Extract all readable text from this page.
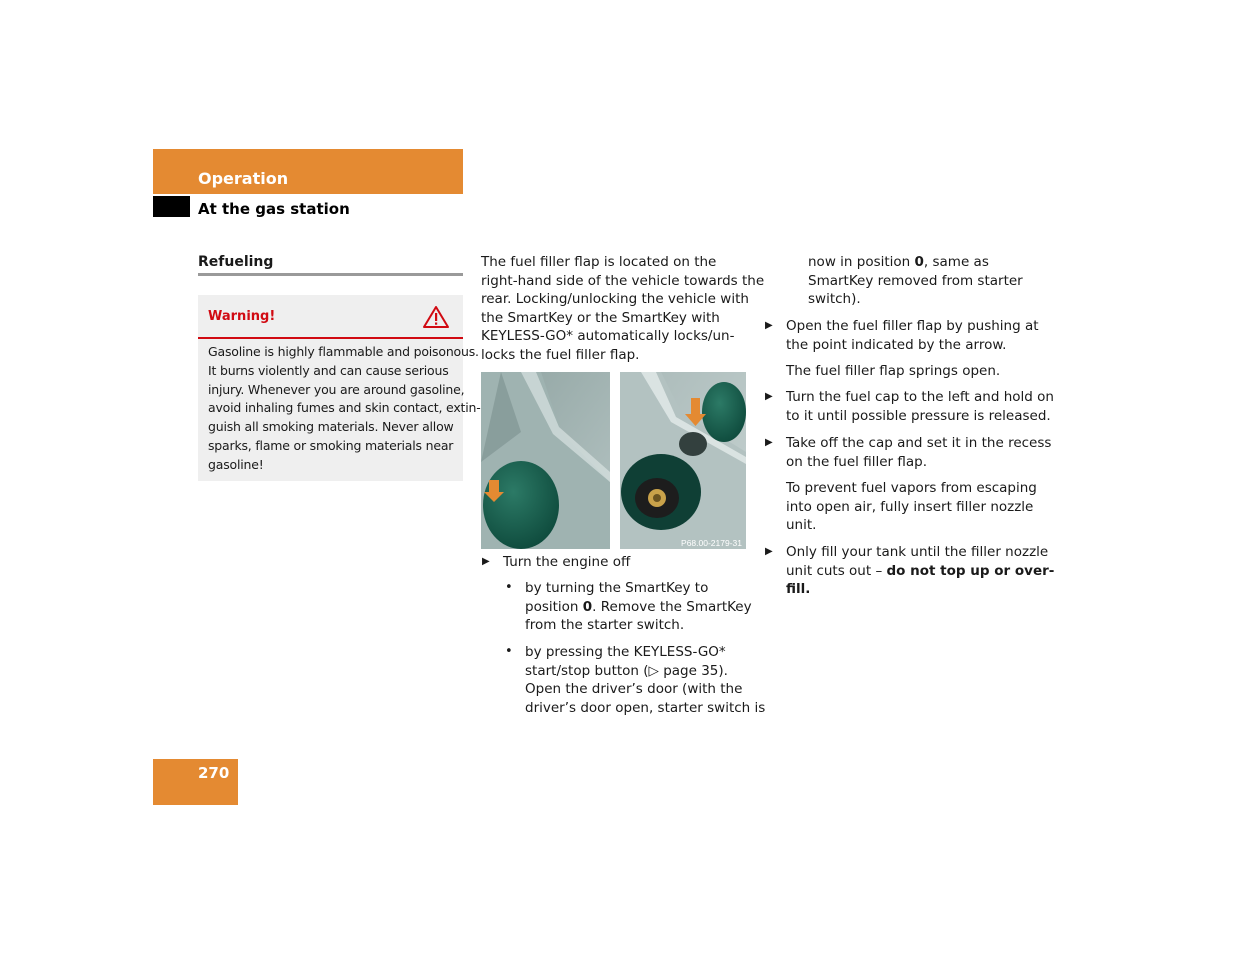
Operation
At the gas station
Refueling
Warning!
Gasoline is highly flammable and poisonous.
It burns violently and can cause serious
injury. Whenever you are around gasoline,
avoid inhaling fumes and skin contact, extin-
guish all smoking materials. Never allow
sparks, flame or smoking materials near
gasoline!
The fuel filler flap is located on the
right-hand side of the vehicle towards the
rear. Locking/unlocking the vehicle with
the SmartKey or the SmartKey with
KEYLESS-GO* automatically locks/un-
locks the fuel filler flap.
P68.00-2179-31
▶ Turn the engine off
• by turning the SmartKey to
position 0. Remove the SmartKey
from the starter switch.
• by pressing the KEYLESS-GO*
start/stop button (▷ page 35).
Open the driver’s door (with the
driver’s door open, starter switch is
now in position 0, same as
SmartKey removed from starter
switch).
▶ Open the fuel filler flap by pushing at
the point indicated by the arrow.
The fuel filler flap springs open.
▶ Turn the fuel cap to the left and hold on
to it until possible pressure is released.
▶ Take off the cap and set it in the recess
on the fuel filler flap.
To prevent fuel vapors from escaping
into open air, fully insert filler nozzle
unit.
▶ Only fill your tank until the filler nozzle
unit cuts out – do not top up or over-
fill.
270
